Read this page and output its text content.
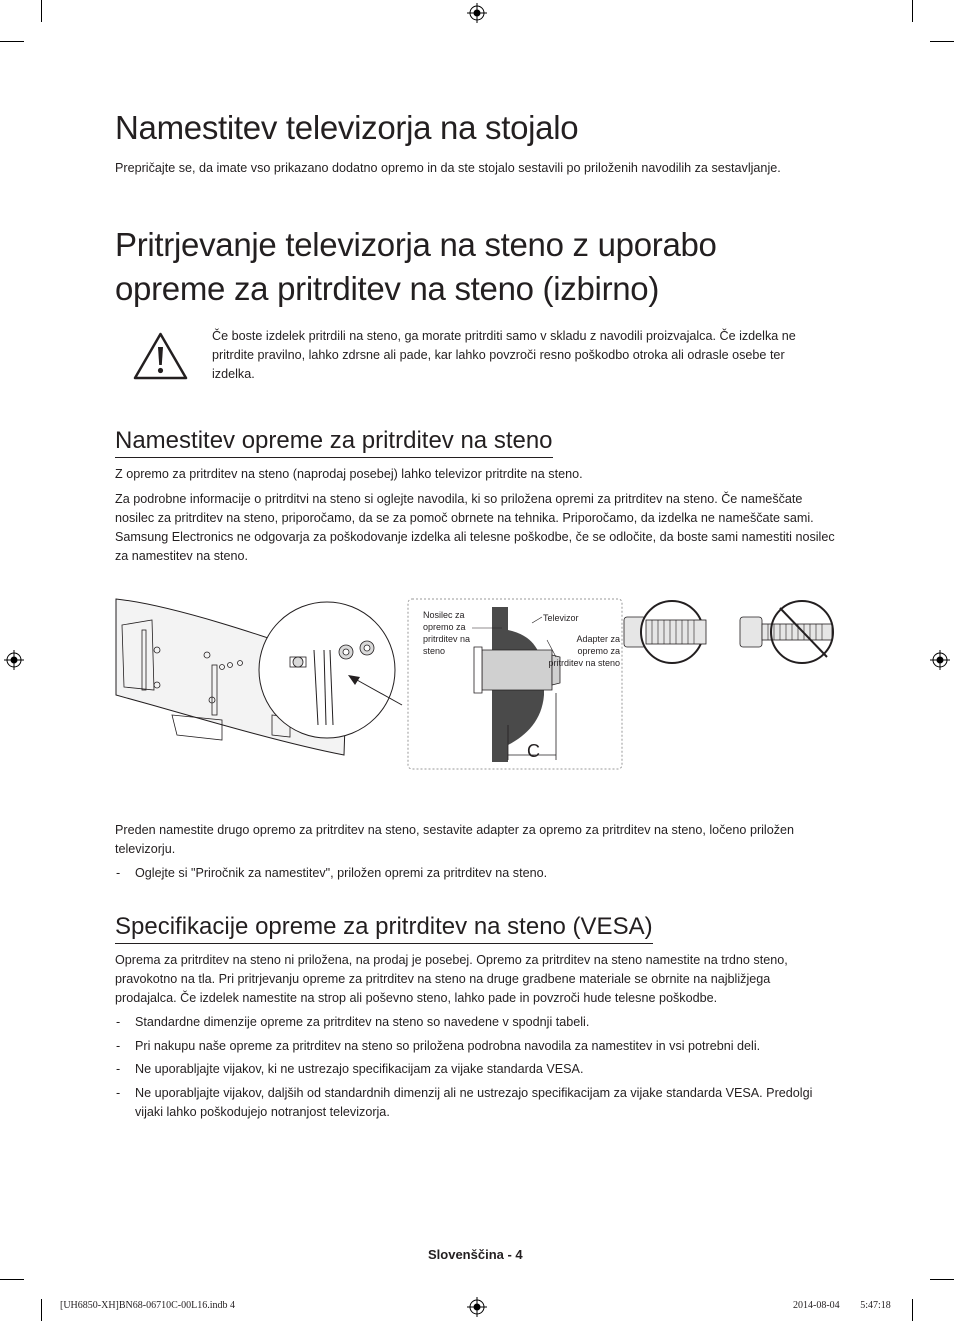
Namestitev televizorja na stojalo

Prepričajte se, da imate vso prikazano dodatno opremo in da ste stojalo sestavili po priloženih navodilih za sestavljanje.

Pritrjevanje televizorja na steno z uporabo
opreme za pritrditev na steno (izbirno)

Če boste izdelek pritrdili na steno, ga morate pritrditi samo v skladu z navodili proizvajalca. Če izdelka ne pritrdite pravilno, lahko zdrsne ali pade, kar lahko povzroči resno poškodbo otroka ali odrasle osebe ter izdelka.

Namestitev opreme za pritrditev na steno

Z opremo za pritrditev na steno (naprodaj posebej) lahko televizor pritrdite na steno.

Za podrobne informacije o pritrditvi na steno si oglejte navodila, ki so priložena opremi za pritrditev na steno. Če nameščate nosilec za pritrditev na steno, priporočamo, da se za pomoč obrnete na tehnika. Priporočamo, da izdelka ne nameščate sami. Samsung Electronics ne odgovarja za poškodovanje izdelka ali telesne poškodbe, če se odločite, da boste sami namestiti nosilec za namestitev na steno.

Nosilec za opremo za pritrditev na steno
Televizor
Adapter za opremo za pritrditev na steno
C

Preden namestite drugo opremo za pritrditev na steno, sestavite adapter za opremo za pritrditev na steno, ločeno priložen televizorju.

- Oglejte si "Priročnik za namestitev", priložen opremi za pritrditev na steno.
Specifikacije opreme za pritrditev na steno (VESA)

Oprema za pritrditev na steno ni priložena, na prodaj je posebej. Opremo za pritrditev na steno namestite na trdno steno, pravokotno na tla. Pri pritrjevanju opreme za pritrditev na steno na druge gradbene materiale se obrnite na najbližjega prodajalca. Če izdelek namestite na strop ali poševno steno, lahko pade in povzroči hude telesne poškodbe.

- Standardne dimenzije opreme za pritrditev na steno so navedene v spodnji tabeli.
- Pri nakupu naše opreme za pritrditev na steno so priložena podrobna navodila za namestitev in vsi potrebni deli.
- Ne uporabljajte vijakov, ki ne ustrezajo specifikacijam za vijake standarda VESA.
- Ne uporabljajte vijakov, daljših od standardnih dimenzij ali ne ustrezajo specifikacijam za vijake standarda VESA. Predolgi vijaki lahko poškodujejo notranjost televizorja.
Slovenščina - 4
[UH6850-XH]BN68-06710C-00L16.indb 4	2014-08-04 ￿￿ 5:47:18
